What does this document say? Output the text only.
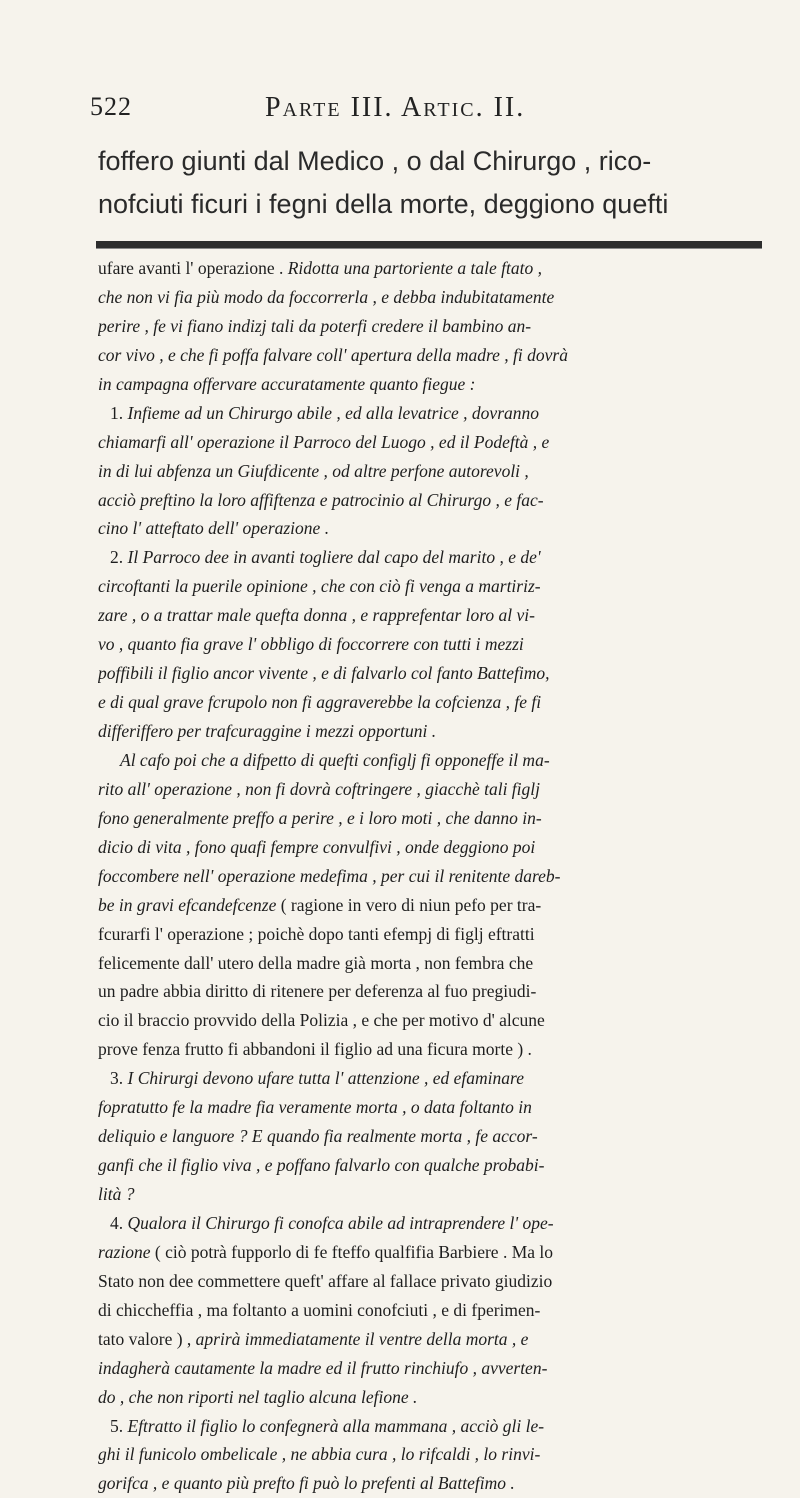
522	Parte III. Artic. II.
foffero giunti dal Medico , o dal Chirurgo , rico-
nofciuti ficuri i fegni della morte, deggiono quefti
ufare avanti l' operazione . Ridotta una partoriente a tale ftato ,
che non vi fia più modo da foccorrerla , e debba indubitatamente
perire , fe vi fiano indizj tali da poterfi credere il bambino an-
cor vivo , e che fi poffa falvare coll' apertura della madre , fi dovrà
in campagna offervare accuratamente quanto fiegue :
1. Infieme ad un Chirurgo abile , ed alla levatrice , dovranno
chiamarfi all' operazione il Parroco del Luogo , ed il Podeftà , e
in di lui abfenza un Giufdicente , od altre perfone autorevoli ,
acciò preftino la loro affiftenza e patrocinio al Chirurgo , e fac-
cino l' atteftato dell' operazione .
2. Il Parroco dee in avanti togliere dal capo del marito , e de'
circoftanti la puerile opinione , che con ciò fi venga a martiriz-
zare , o a trattar male quefta donna , e rapprefentar loro al vi-
vo , quanto fia grave l' obbligo di foccorrere con tutti i mezzi
poffibili il figlio ancor vivente , e di falvarlo col fanto Battefimo,
e di qual grave fcrupolo non fi aggraverebbe la cofcienza , fe fi
differiffero per trafcuraggine i mezzi opportuni .
Al cafo poi che a difpetto di quefti configlj fi opponeffe il ma-
rito all' operazione , non fi dovrà coftringere , giacchè tali figlj
fono generalmente preffo a perire , e i loro moti , che danno in-
dicio di vita , fono quafi fempre convulfivi , onde deggiono poi
foccombere nell' operazione medefima , per cui il renitente dareb-
be in gravi efcandefcenze ( ragione in vero di niun pefo per tra-
fcurarfi l' operazione ; poichè dopo tanti efempj di figlj eftratti
felicemente dall' utero della madre già morta , non fembra che
un padre abbia diritto di ritenere per deferenza al fuo pregiudi-
cio il braccio provvido della Polizia , e che per motivo d' alcune
prove fenza frutto fi abbandoni il figlio ad una ficura morte ) .
3. I Chirurgi devono ufare tutta l' attenzione , ed efaminare
fopratutto fe la madre fia veramente morta , o data foltanto in
deliquio e languore ? E quando fia realmente morta , fe accor-
ganfi che il figlio viva , e poffano falvarlo con qualche probabi-
lità ?
4. Qualora il Chirurgo fi conofca abile ad intraprendere l' ope-
razione ( ciò potrà fupporlo di fe fteffo qualfifia Barbiere . Ma lo
Stato non dee commettere queft' affare al fallace privato giudizio
di chiccheffia , ma foltanto a uomini conofciuti , e di fperimen-
tato valore ) , aprirà immediatamente il ventre della morta , e
indagherà cautamente la madre ed il frutto rinchiufo , avverten-
do , che non riporti nel taglio alcuna lefione .
5. Eftratto il figlio lo confegnerà alla mammana , acciò gli le-
ghi il funicolo ombelicale , ne abbia cura , lo rifcaldi , lo rinvi-
gorifca , e quanto più prefto fi può lo prefenti al Battefimo .
